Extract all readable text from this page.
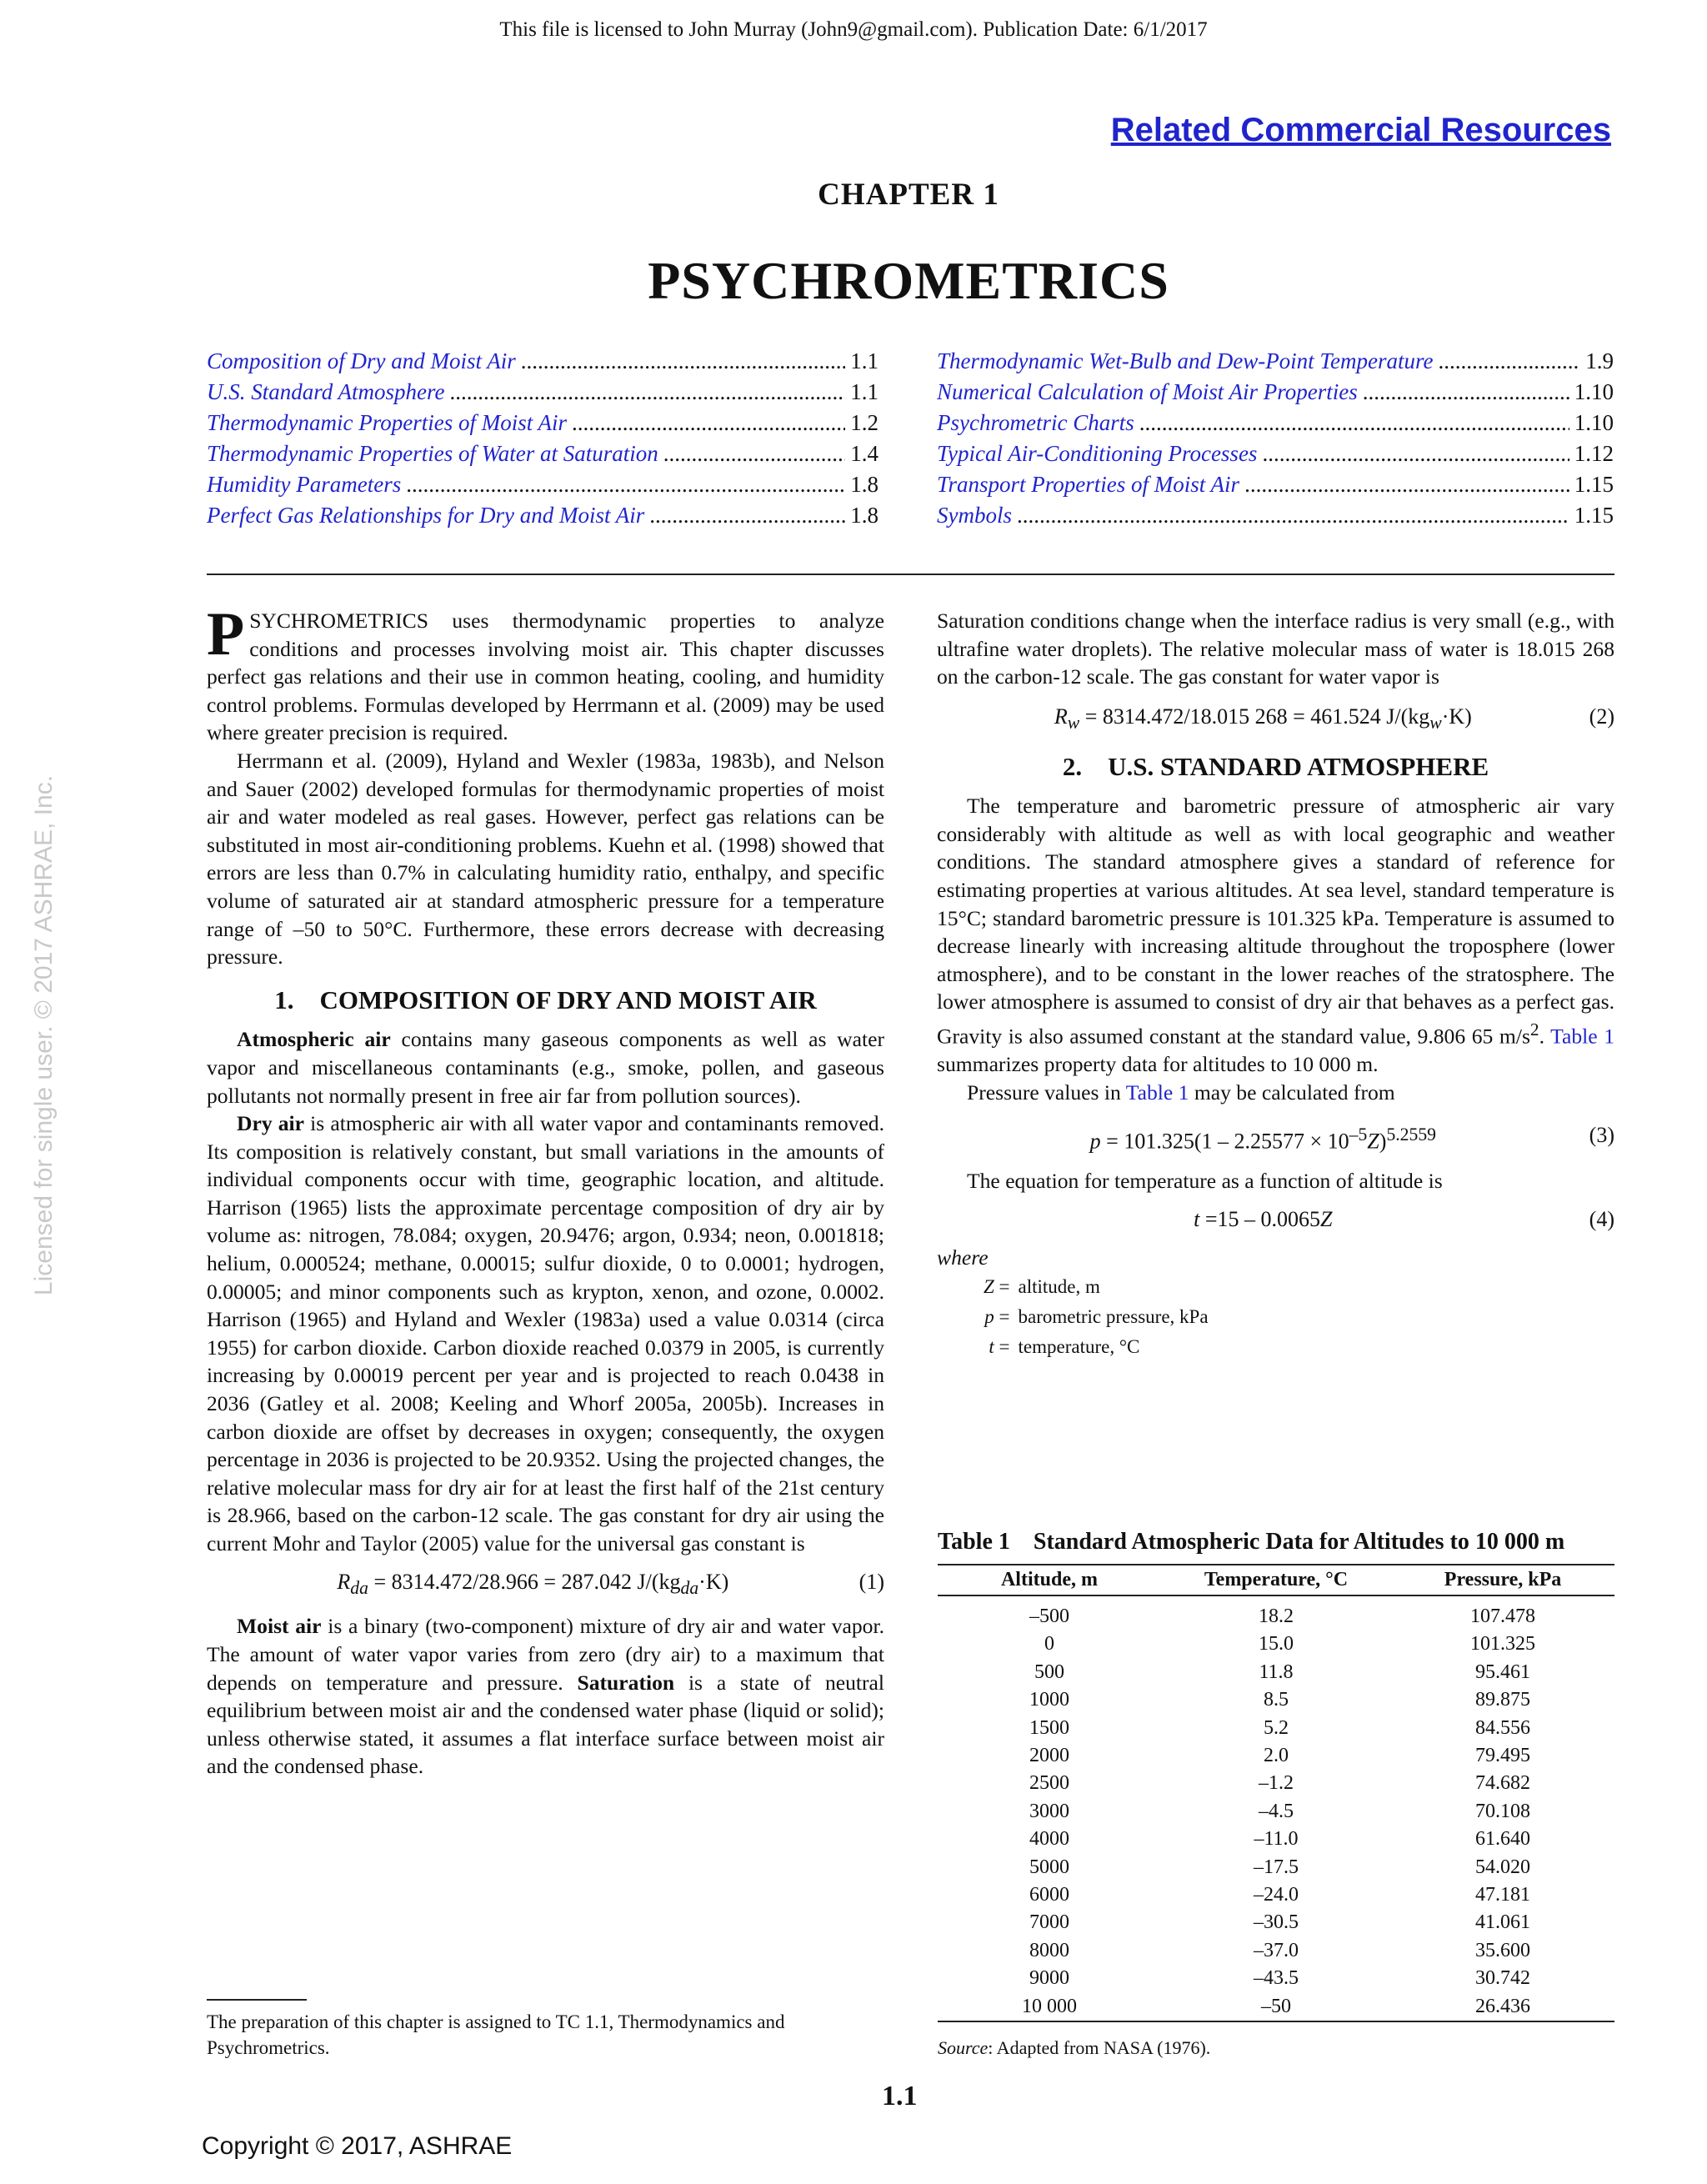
This file is licensed to John Murray (John9@gmail.com). Publication Date: 6/1/2017
Related Commercial Resources
CHAPTER 1
PSYCHROMETRICS
Licensed for single user. © 2017 ASHRAE, Inc.
Composition of Dry and Moist Air .....	1.1
U.S. Standard Atmosphere .....	1.1
Thermodynamic Properties of Moist Air .....	1.2
Thermodynamic Properties of Water at Saturation .....	1.4
Humidity Parameters .....	1.8
Perfect Gas Relationships for Dry and Moist Air .....	1.8
Thermodynamic Wet-Bulb and Dew-Point Temperature .....	1.9
Numerical Calculation of Moist Air Properties .....	1.10
Psychrometric Charts .....	1.10
Typical Air-Conditioning Processes .....	1.12
Transport Properties of Moist Air .....	1.15
Symbols .....	1.15

PSYCHROMETRICS uses thermodynamic properties to analyze conditions and processes involving moist air. This chapter discusses perfect gas relations and their use in common heating, cooling, and humidity control problems. Formulas developed by Herrmann et al. (2009) may be used where greater precision is required.

Herrmann et al. (2009), Hyland and Wexler (1983a, 1983b), and Nelson and Sauer (2002) developed formulas for thermodynamic properties of moist air and water modeled as real gases. However, perfect gas relations can be substituted in most air-conditioning problems. Kuehn et al. (1998) showed that errors are less than 0.7% in calculating humidity ratio, enthalpy, and specific volume of saturated air at standard atmospheric pressure for a temperature range of –50 to 50°C. Furthermore, these errors decrease with decreasing pressure.

1.    COMPOSITION OF DRY AND MOIST AIR

Atmospheric air contains many gaseous components as well as water vapor and miscellaneous contaminants (e.g., smoke, pollen, and gaseous pollutants not normally present in free air far from pollution sources).

Dry air is atmospheric air with all water vapor and contaminants removed. Its composition is relatively constant, but small variations in the amounts of individual components occur with time, geographic location, and altitude. Harrison (1965) lists the approximate percentage composition of dry air by volume as: nitrogen, 78.084; oxygen, 20.9476; argon, 0.934; neon, 0.001818; helium, 0.000524; methane, 0.00015; sulfur dioxide, 0 to 0.0001; hydrogen, 0.00005; and minor components such as krypton, xenon, and ozone, 0.0002. Harrison (1965) and Hyland and Wexler (1983a) used a value 0.0314 (circa 1955) for carbon dioxide. Carbon dioxide reached 0.0379 in 2005, is currently increasing by 0.00019 percent per year and is projected to reach 0.0438 in 2036 (Gatley et al. 2008; Keeling and Whorf 2005a, 2005b). Increases in carbon dioxide are offset by decreases in oxygen; consequently, the oxygen percentage in 2036 is projected to be 20.9352. Using the projected changes, the relative molecular mass for dry air for at least the first half of the 21st century is 28.966, based on the carbon-12 scale. The gas constant for dry air using the current Mohr and Taylor (2005) value for the universal gas constant is

$R_{da} = 8314.472/28.966 = 287.042$ $J/(kg_{da}\cdot K)$	(1)

Moist air is a binary (two-component) mixture of dry air and water vapor. The amount of water vapor varies from zero (dry air) to a maximum that depends on temperature and pressure. Saturation is a state of neutral equilibrium between moist air and the condensed water phase (liquid or solid); unless otherwise stated, it assumes a flat interface surface between moist air and the condensed phase.

Saturation conditions change when the interface radius is very small (e.g., with ultrafine water droplets). The relative molecular mass of water is 18.015 268 on the carbon-12 scale. The gas constant for water vapor is

$R_w = 8314.472/18.015$ 268 = 461.524 $J/(kg_w\cdot K)$	(2)
2.    U.S. STANDARD ATMOSPHERE

The temperature and barometric pressure of atmospheric air vary considerably with altitude as well as with local geographic and weather conditions. The standard atmosphere gives a standard of reference for estimating properties at various altitudes. At sea level, standard temperature is 15°C; standard barometric pressure is 101.325 kPa. Temperature is assumed to decrease linearly with increasing altitude throughout the troposphere (lower atmosphere), and to be constant in the lower reaches of the stratosphere. The lower atmosphere is assumed to consist of dry air that behaves as a perfect gas. Gravity is also assumed constant at the standard value, 9.806 65 $m/s^2$. Table 1 summarizes property data for altitudes to 10 000 m.

Pressure values in Table 1 may be calculated from

$p = 101.325(1 - 2.25577 \times 10^{-5}Z)^{5.2559}$	(3)

The equation for temperature as a function of altitude is

t =15 – 0.0065Z	(4)

where

Z =	altitude, m
p =	barometric pressure, kPa
t =	temperature, °C
Table 1    Standard Atmospheric Data for Altitudes to 10 000 m
Altitude, m	Temperature, °C	Pressure, kPa
–500	18.2	107.478
0	15.0	101.325
500	11.8	95.461
1000	8.5	89.875
1500	5.2	84.556
2000	2.0	79.495
2500	–1.2	74.682
3000	–4.5	70.108
4000	–11.0	61.640
5000	–17.5	54.020
6000	–24.0	47.181
7000	–30.5	41.061
8000	–37.0	35.600
9000	–43.5	30.742
10 000	–50	26.436
Source: Adapted from NASA (1976).
The preparation of this chapter is assigned to TC 1.1, Thermodynamics and Psychrometrics.
1.1
Copyright © 2017, ASHRAE
